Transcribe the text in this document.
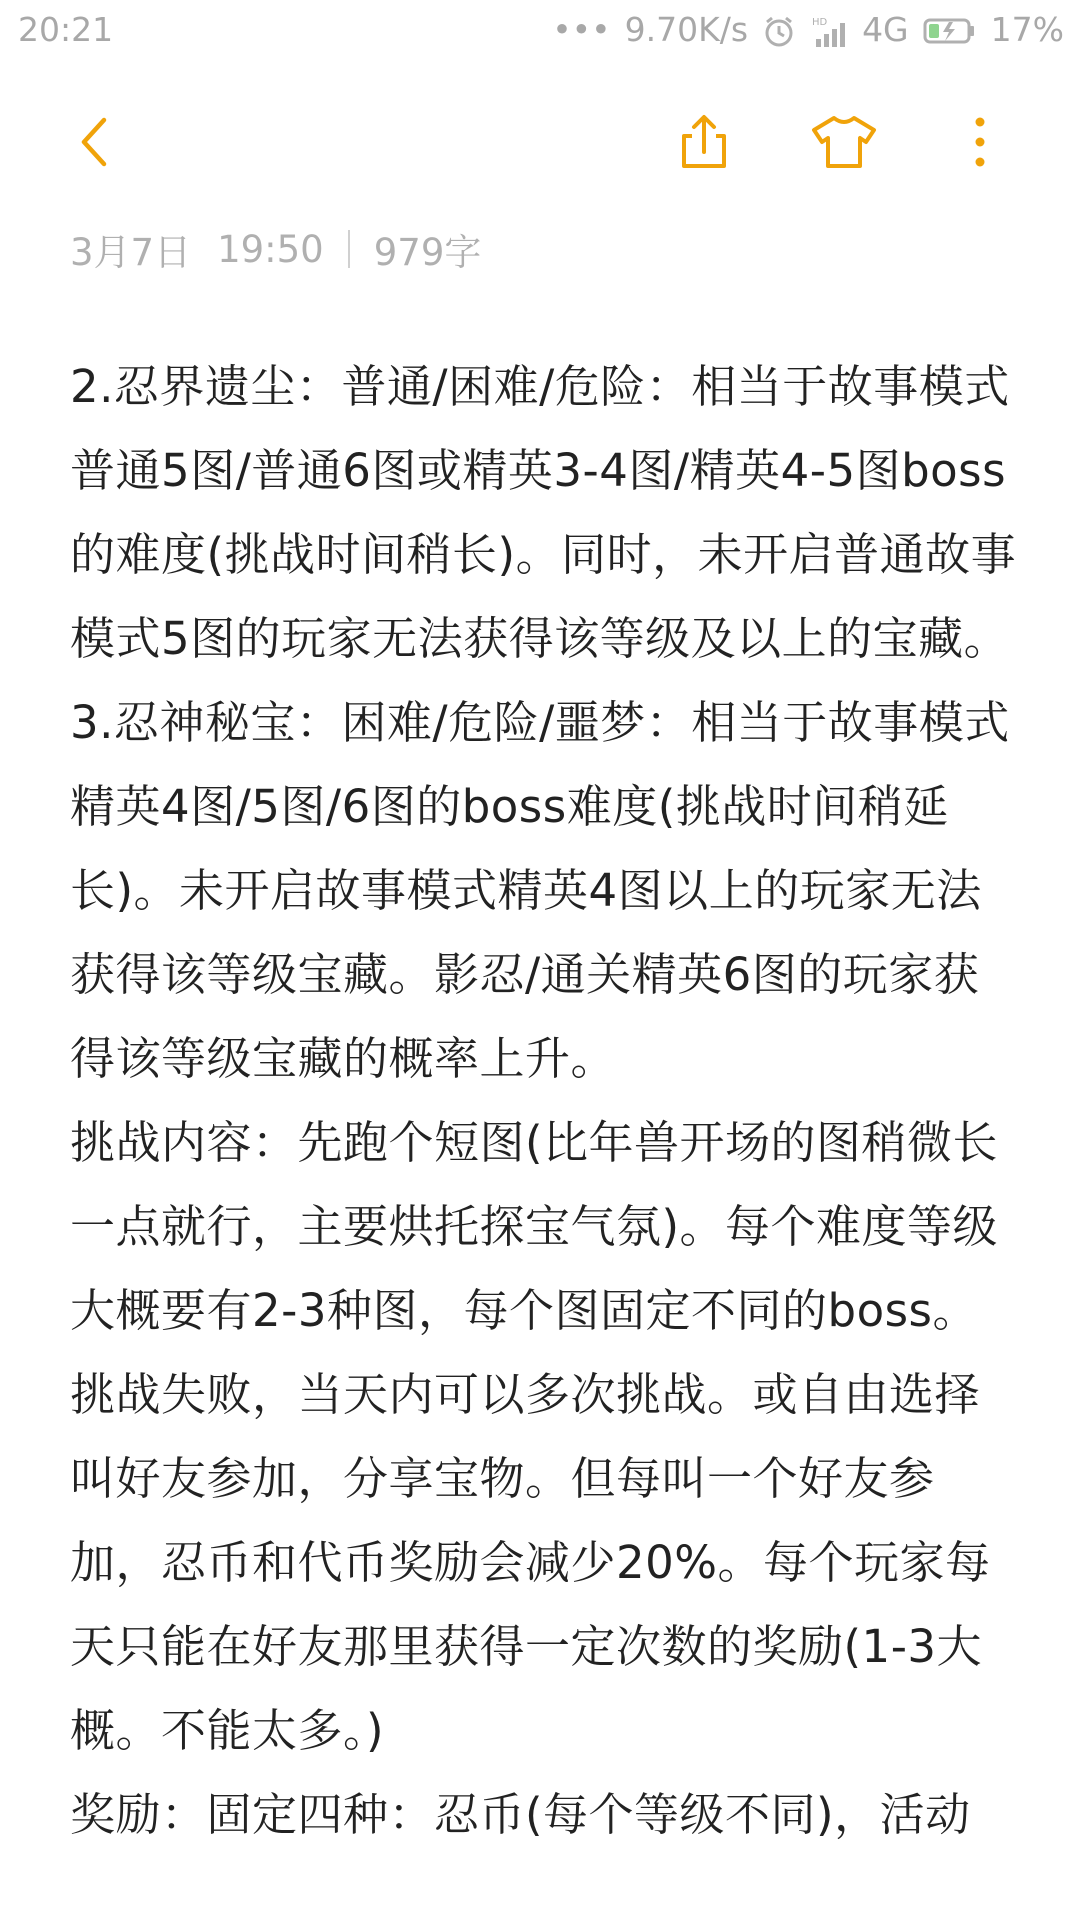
20:21	••• 9.70K/s	HD 4G 17%
3月7日 19:50 979字

2.忍界遗尘：普通/困难/危险：相当于故事模式普通5图/普通6图或精英3-4图/精英4-5图boss的难度(挑战时间稍长)。同时，未开启普通故事模式5图的玩家无法获得该等级及以上的宝藏。

3.忍神秘宝：困难/危险/噩梦：相当于故事模式精英4图/5图/6图的boss难度(挑战时间稍延长)。未开启故事模式精英4图以上的玩家无法获得该等级宝藏。影忍/通关精英6图的玩家获得该等级宝藏的概率上升。

挑战内容：先跑个短图(比年兽开场的图稍微长一点就行，主要烘托探宝气氛)。每个难度等级大概要有2-3种图，每个图固定不同的boss。挑战失败，当天内可以多次挑战。或自由选择叫好友参加，分享宝物。但每叫一个好友参加，忍币和代币奖励会减少20%。每个玩家每天只能在好友那里获得一定次数的奖励(1-3大概。不能太多。)

奖励：固定四种：忍币(每个等级不同)，活动
